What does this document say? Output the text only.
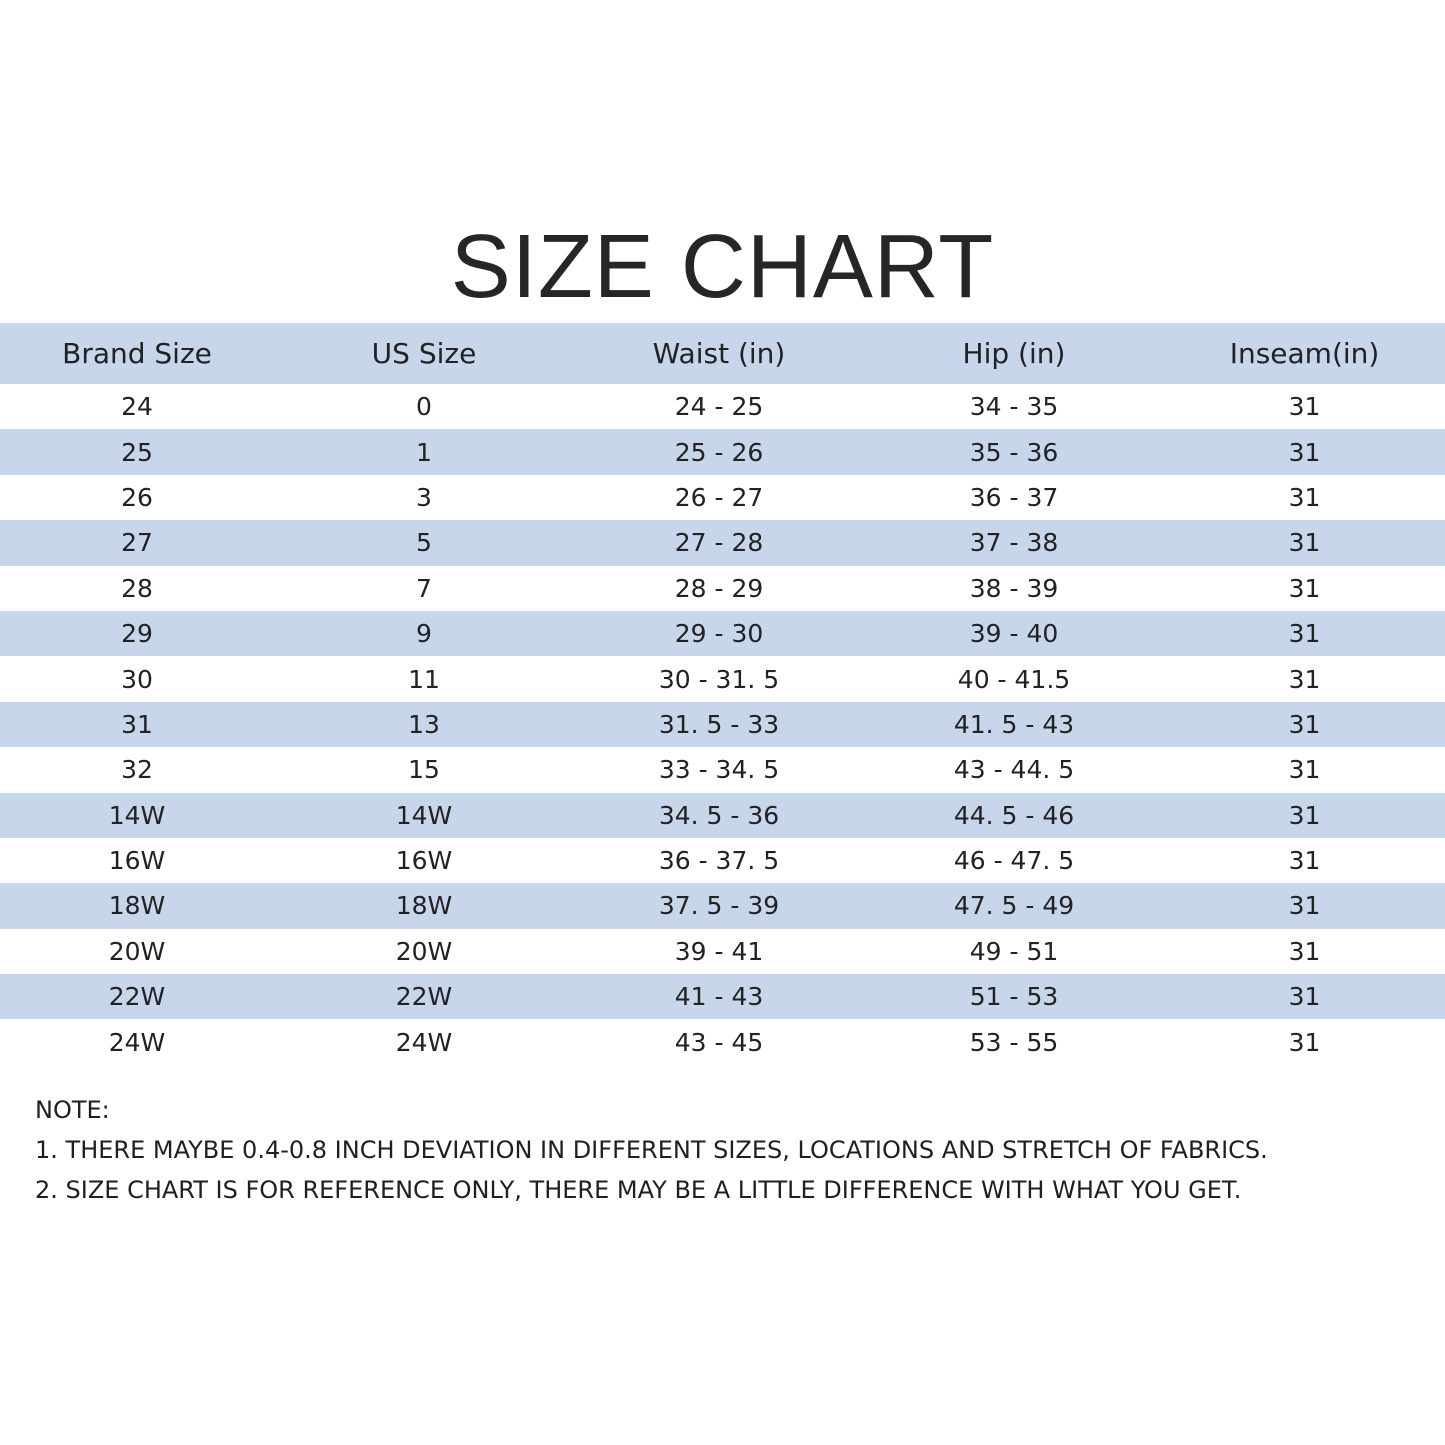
SIZE CHART
Brand Size	US Size	Waist (in)	Hip (in)	Inseam(in)
24	0	24 - 25	34 - 35	31
25	1	25 - 26	35 - 36	31
26	3	26 - 27	36 - 37	31
27	5	27 - 28	37 - 38	31
28	7	28 - 29	38 - 39	31
29	9	29 - 30	39 - 40	31
30	11	30 - 31. 5	40 - 41.5	31
31	13	31. 5 - 33	41. 5 - 43	31
32	15	33 - 34. 5	43 - 44. 5	31
14W	14W	34. 5 - 36	44. 5 - 46	31
16W	16W	36 - 37. 5	46 - 47. 5	31
18W	18W	37. 5 - 39	47. 5 - 49	31
20W	20W	39 - 41	49 - 51	31
22W	22W	41 - 43	51 - 53	31
24W	24W	43 - 45	53 - 55	31
NOTE:
1. THERE MAYBE 0.4-0.8 INCH DEVIATION IN DIFFERENT SIZES, LOCATIONS AND STRETCH OF FABRICS.
2. SIZE CHART IS FOR REFERENCE ONLY, THERE MAY BE A LITTLE DIFFERENCE WITH WHAT YOU GET.
